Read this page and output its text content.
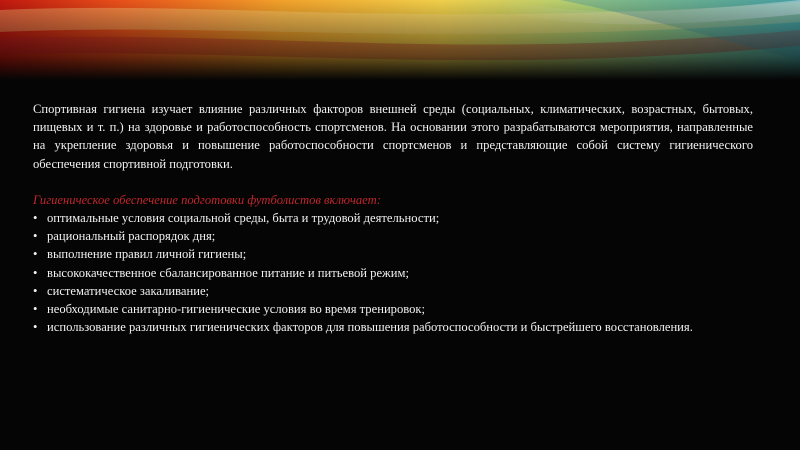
Спортивная гигиена изучает влияние различных факторов внешней среды (социальных, климатических, возрастных, бытовых, пищевых и т. п.) на здоровье и работоспособность спортсменов. На основании этого разрабатываются мероприятия, направленные на укрепление здоровья и повышение работоспособности спортсменов и представляющие собой систему гигиенического обеспечения спортивной подготовки.

Гигиеническое обеспечение подготовки футболистов включает:

• оптимальные условия социальной среды, быта и трудовой деятельности;
• рациональный распорядок дня;
• выполнение правил личной гигиены;
• высококачественное сбалансированное питание и питьевой режим;
• систематическое закаливание;
• необходимые санитарно-гигиенические условия во время тренировок;
• использование различных гигиенических факторов для повышения работоспособности и быстрейшего восстановления.
